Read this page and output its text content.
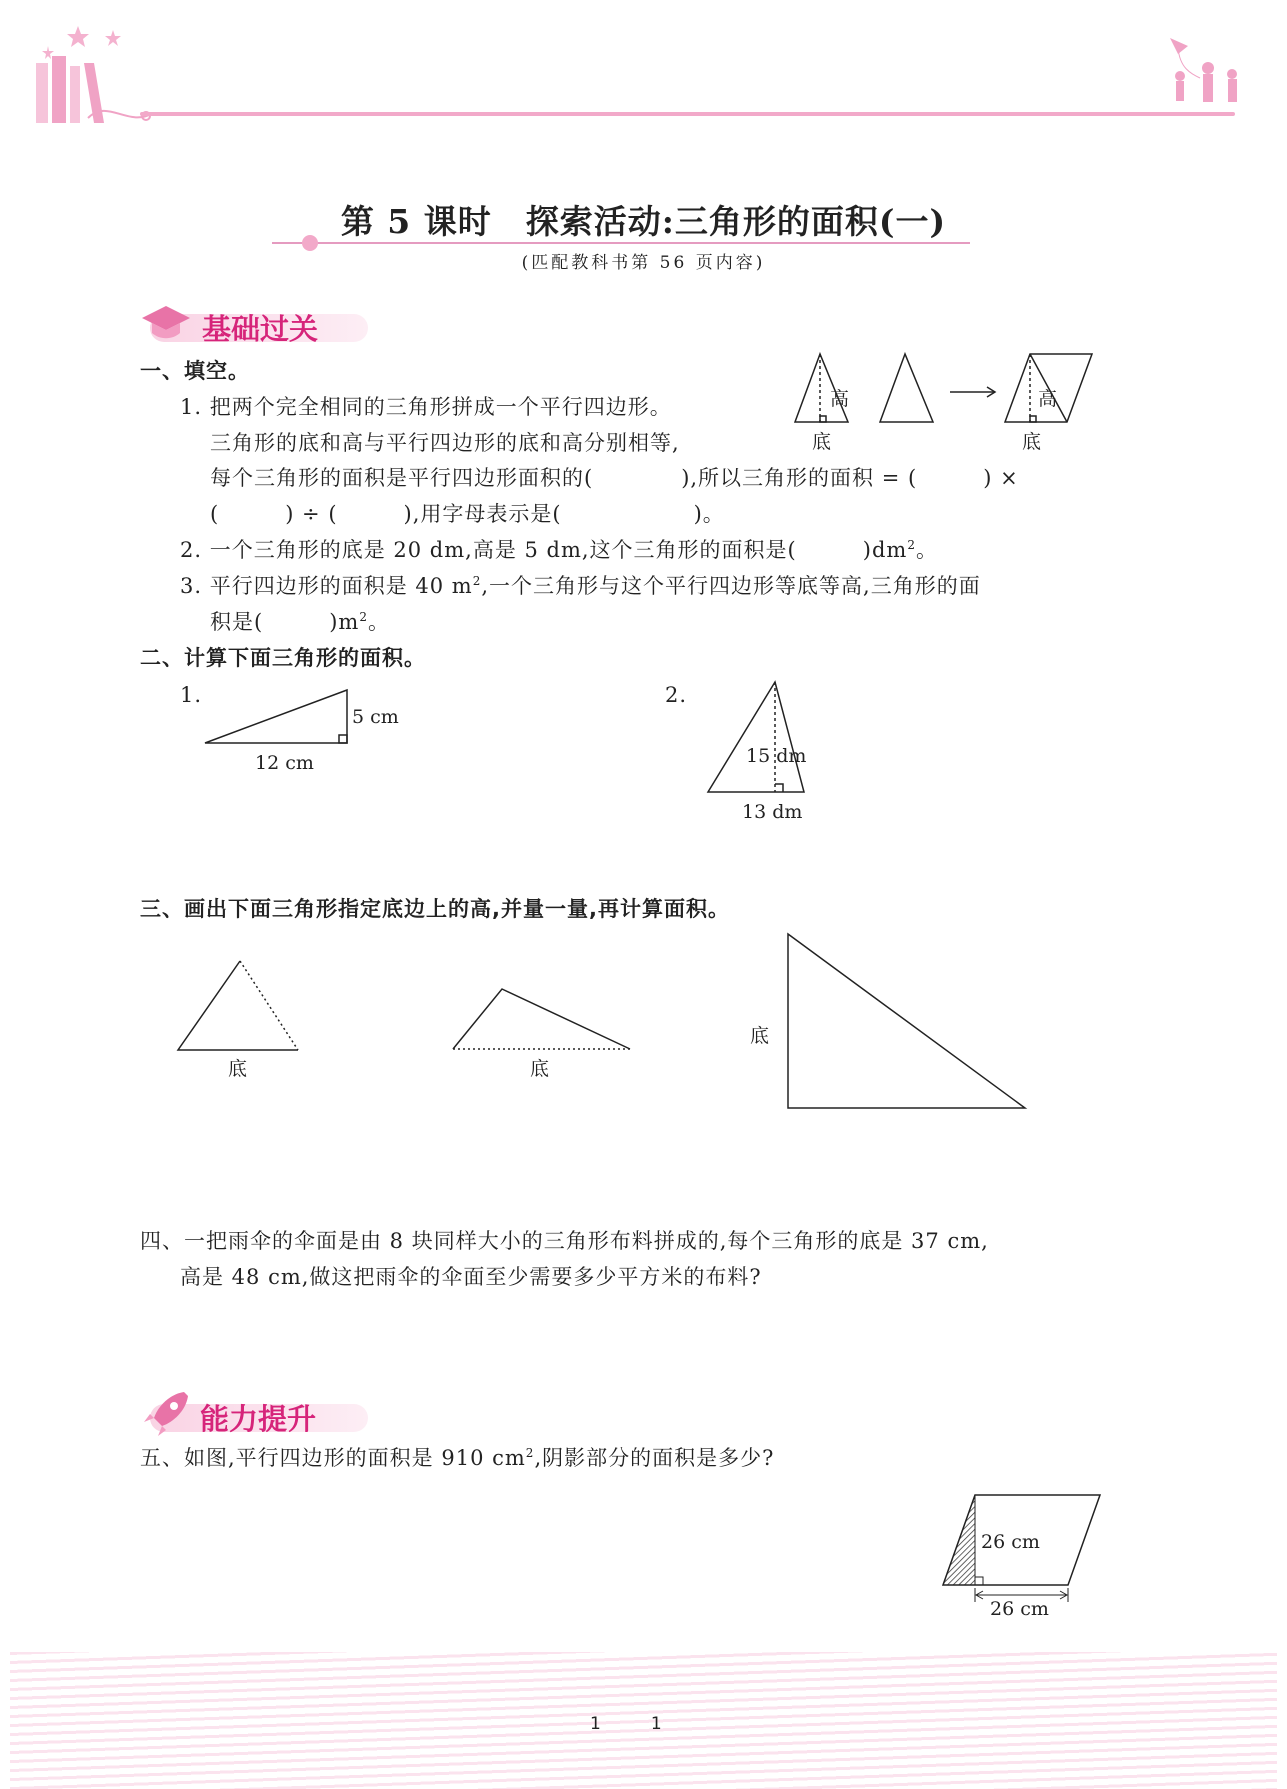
第 5 课时　探索活动:三角形的面积(一)
(匹配教科书第 56 页内容)
基础过关
一、填空。
1. 把两个完全相同的三角形拼成一个平行四边形。
三角形的底和高与平行四边形的底和高分别相等,
每个三角形的面积是平行四边形面积的(　　　　),所以三角形的面积 = (　　　) ×
(　　　) ÷ (　　　),用字母表示是(　　　　　　)。
2. 一个三角形的底是 20 dm,高是 5 dm,这个三角形的面积是(　　　)$dm^2$。
3. 平行四边形的面积是 40 $m^2$,一个三角形与这个平行四边形等底等高,三角形的面
积是(　　　)$m^2$。
高
底
高
底
二、计算下面三角形的面积。
1.	2.
5 cm
12 cm	15 dm
13 dm
三、画出下面三角形指定底边上的高,并量一量,再计算面积。
底	底
底
四、一把雨伞的伞面是由 8 块同样大小的三角形布料拼成的,每个三角形的底是 37 cm,
高是 48 cm,做这把雨伞的伞面至少需要多少平方米的布料?
能力提升
五、如图,平行四边形的面积是 910 $cm^2$,阴影部分的面积是多少?
26 cm
26 cm
11
